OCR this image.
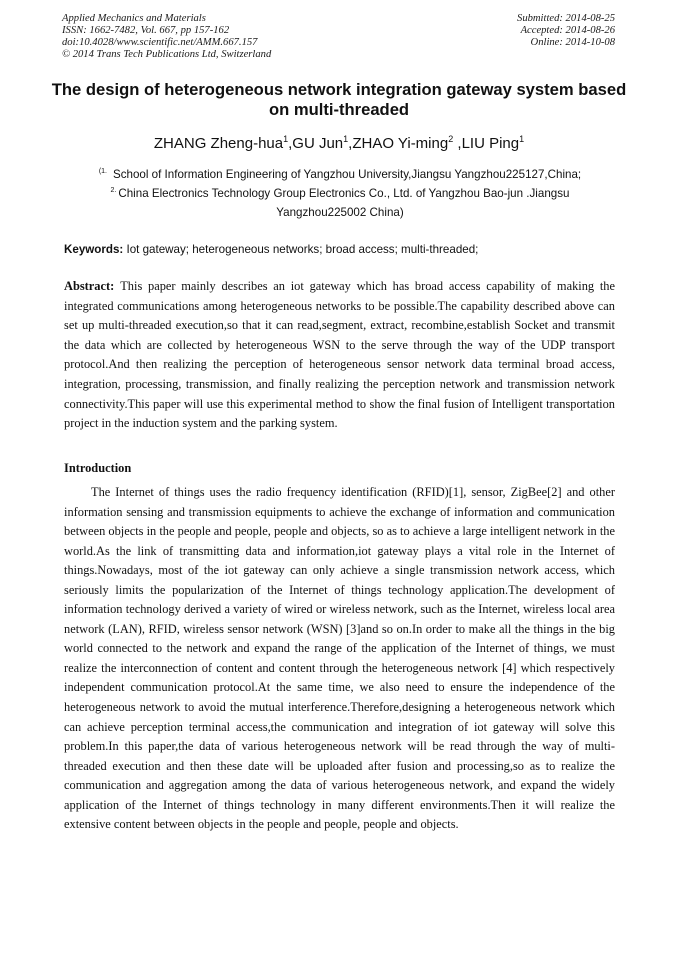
Applied Mechanics and Materials
ISSN: 1662-7482, Vol. 667, pp 157-162
doi:10.4028/www.scientific.net/AMM.667.157
© 2014 Trans Tech Publications Ltd, Switzerland
Submitted: 2014-08-25
Accepted: 2014-08-26
Online: 2014-10-08
The design of heterogeneous network integration gateway system based
on multi-threaded
ZHANG Zheng-hua$^1$,GU Jun$^1$,ZHAO Yi-ming$^2$ ,LIU Ping$^1$
$^{(1.}$ School of Information Engineering of Yangzhou University,Jiangsu Yangzhou225127,China;
$^{2.}$ China Electronics Technology Group Electronics Co., Ltd. of Yangzhou Bao-jun .Jiangsu
Yangzhou225002 China)
Keywords: Iot gateway; heterogeneous networks; broad access; multi-threaded;

Abstract: This paper mainly describes an iot gateway which has broad access capability of making the integrated communications among heterogeneous networks to be possible.The capability described above can set up multi-threaded execution,so that it can read,segment, extract, recombine,establish Socket and transmit the data which are collected by heterogeneous WSN to the serve through the way of the UDP transport protocol.And then realizing the perception of heterogeneous sensor network data terminal broad access, integration, processing, transmission, and finally realizing the perception network and transmission network connectivity.This paper will use this experimental method to show the final fusion of Intelligent transportation project in the induction system and the parking system.

Introduction

The Internet of things uses the radio frequency identification (RFID)[1], sensor, ZigBee[2] and other information sensing and transmission equipments to achieve the exchange of information and communication between objects in the people and people, people and objects, so as to achieve a large intelligent network in the world.As the link of transmitting data and information,iot gateway plays a vital role in the Internet of things.Nowadays, most of the iot gateway can only achieve a single transmission network access, which seriously limits the popularization of the Internet of things technology application.The development of information technology derived a variety of wired or wireless network, such as the Internet, wireless local area network (LAN), RFID, wireless sensor network (WSN) [3]and so on.In order to make all the things in the big world connected to the network and expand the range of the application of the Internet of things, we must realize the interconnection of content and content through the heterogeneous network [4] which respectively independent communication protocol.At the same time, we also need to ensure the independence of the heterogeneous network to avoid the mutual interference.Therefore,designing a heterogeneous network which can achieve perception terminal access,the communication and integration of iot gateway will solve this problem.In this paper,the data of various heterogeneous network will be read through the way of multi-threaded execution and then these date will be uploaded after fusion and processing,so as to realize the communication and aggregation among the data of various heterogeneous network, and expand the widely application of the Internet of things technology in many different environments.Then it will realize the extensive content between objects in the people and people, people and objects.
